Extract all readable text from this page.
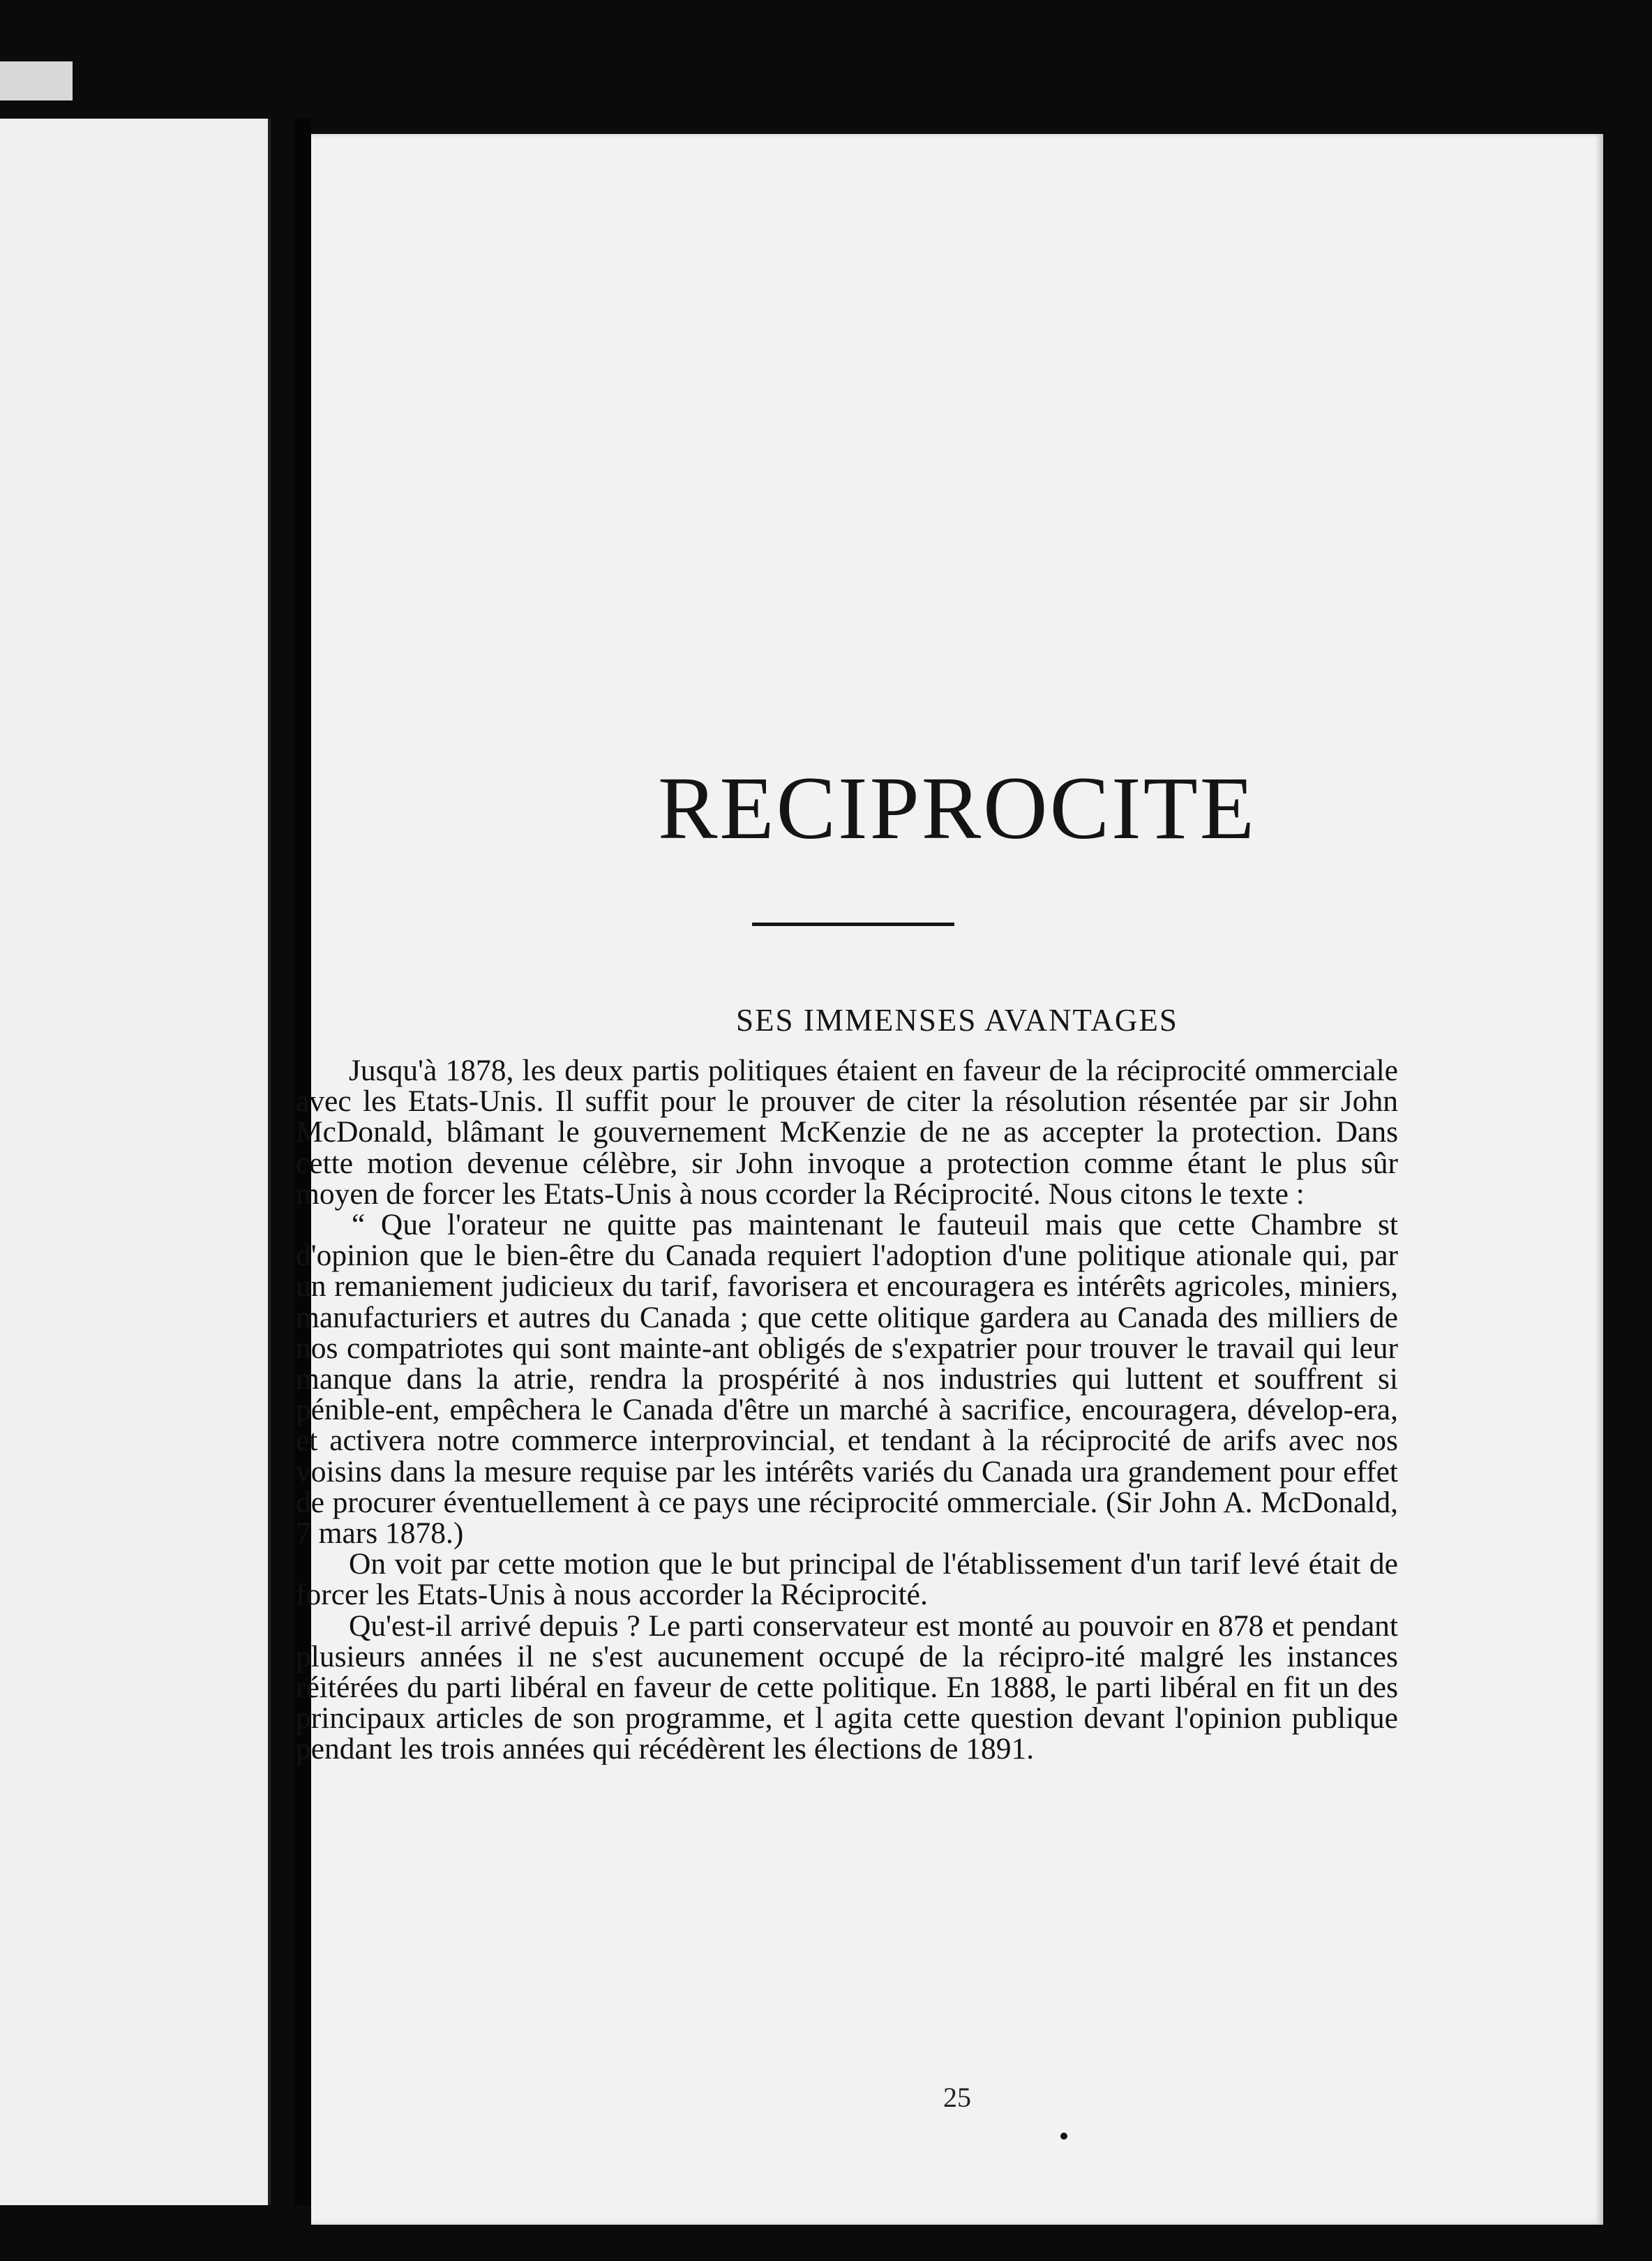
RECIPROCITE
SES IMMENSES AVANTAGES

Jusqu'à 1878, les deux partis politiques étaient en faveur de la réciprocité ommerciale avec les Etats-Unis. Il suffit pour le prouver de citer la résolution résentée par sir John McDonald, blâmant le gouvernement McKenzie de ne as accepter la protection. Dans cette motion devenue célèbre, sir John invoque a protection comme étant le plus sûr moyen de forcer les Etats-Unis à nous ccorder la Réciprocité. Nous citons le texte :

“ Que l'orateur ne quitte pas maintenant le fauteuil mais que cette Chambre st d'opinion que le bien-être du Canada requiert l'adoption d'une politique ationale qui, par un remaniement judicieux du tarif, favorisera et encouragera es intérêts agricoles, miniers, manufacturiers et autres du Canada ; que cette olitique gardera au Canada des milliers de nos compatriotes qui sont mainte-ant obligés de s'expatrier pour trouver le travail qui leur manque dans la atrie, rendra la prospérité à nos industries qui luttent et souffrent si pénible-ent, empêchera le Canada d'être un marché à sacrifice, encouragera, dévelop-era, et activera notre commerce interprovincial, et tendant à la réciprocité de arifs avec nos voisins dans la mesure requise par les intérêts variés du Canada ura grandement pour effet de procurer éventuellement à ce pays une réciprocité ommerciale. (Sir John A. McDonald, 7 mars 1878.)

On voit par cette motion que le but principal de l'établissement d'un tarif levé était de forcer les Etats-Unis à nous accorder la Réciprocité.

Qu'est-il arrivé depuis ? Le parti conservateur est monté au pouvoir en 878 et pendant plusieurs années il ne s'est aucunement occupé de la récipro-ité malgré les instances réitérées du parti libéral en faveur de cette politique. En 1888, le parti libéral en fit un des principaux articles de son programme, et l agita cette question devant l'opinion publique pendant les trois années qui récédèrent les élections de 1891.

25
